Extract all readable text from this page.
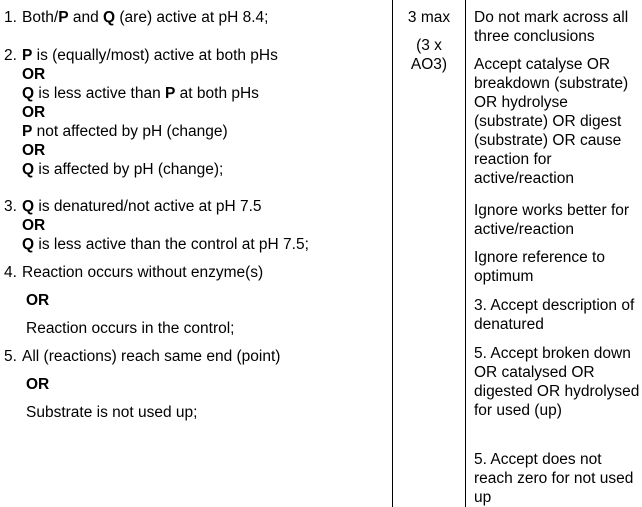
1. Both/P and Q (are) active at pH 8.4;
2. P is (equally/most) active at both pHs
OR
Q is less active than P at both pHs
OR
P not affected by pH (change)
OR
Q is affected by pH (change);
3. Q is denatured/not active at pH 7.5
OR
Q is less active than the control at pH 7.5;
4. Reaction occurs without enzyme(s)
OR
Reaction occurs in the control;
5. All (reactions) reach same end (point)
OR
Substrate is not used up;
3 max
(3 x
AO3)
Do not mark across all three conclusions
Accept catalyse OR breakdown (substrate) OR hydrolyse (substrate) OR digest (substrate) OR cause reaction for active/reaction
Ignore works better for active/reaction
Ignore reference to optimum
3. Accept description of denatured
5. Accept broken down OR catalysed OR digested OR hydrolysed for used (up)
5. Accept does not reach zero for not used up
